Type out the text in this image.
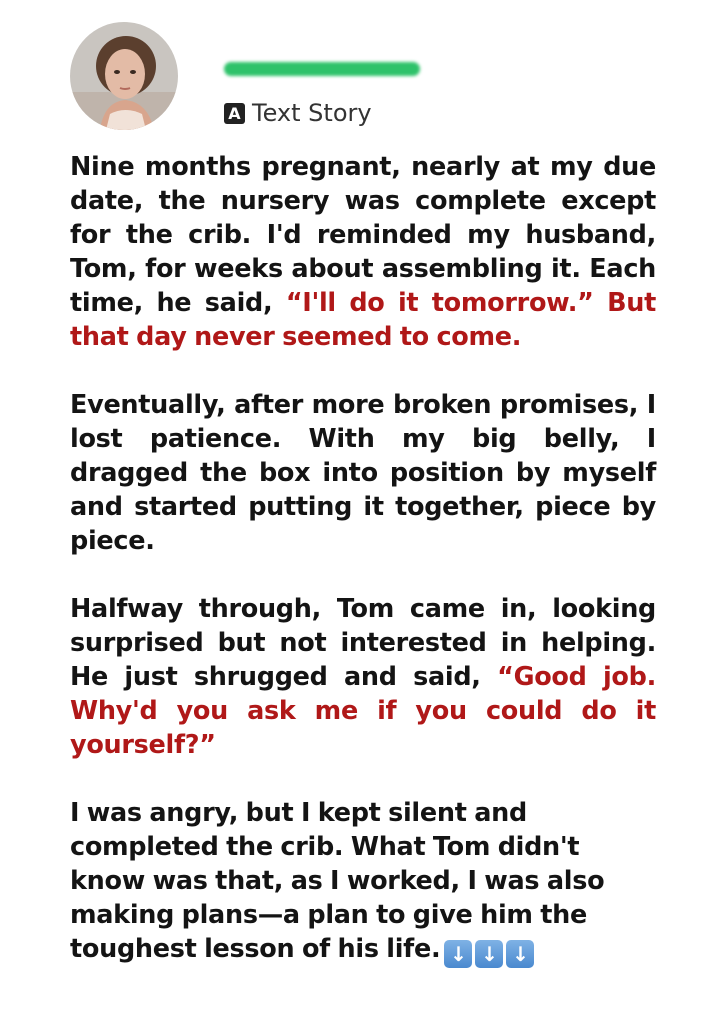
A Text Story

Nine months pregnant, nearly at my due date, the nursery was complete except for the crib. I'd reminded my husband, Tom, for weeks about assembling it. Each time, he said, “I'll do it tomorrow.” But that day never seemed to come.

Eventually, after more broken promises, I lost patience. With my big belly, I dragged the box into position by myself and started putting it together, piece by piece.

Halfway through, Tom came in, looking surprised but not interested in helping. He just shrugged and said, “Good job. Why'd you ask me if you could do it yourself?”

I was angry, but I kept silent and completed the crib. What Tom didn't know was that, as I worked, I was also making plans—a plan to give him the toughest lesson of his life. ↓ ↓ ↓
